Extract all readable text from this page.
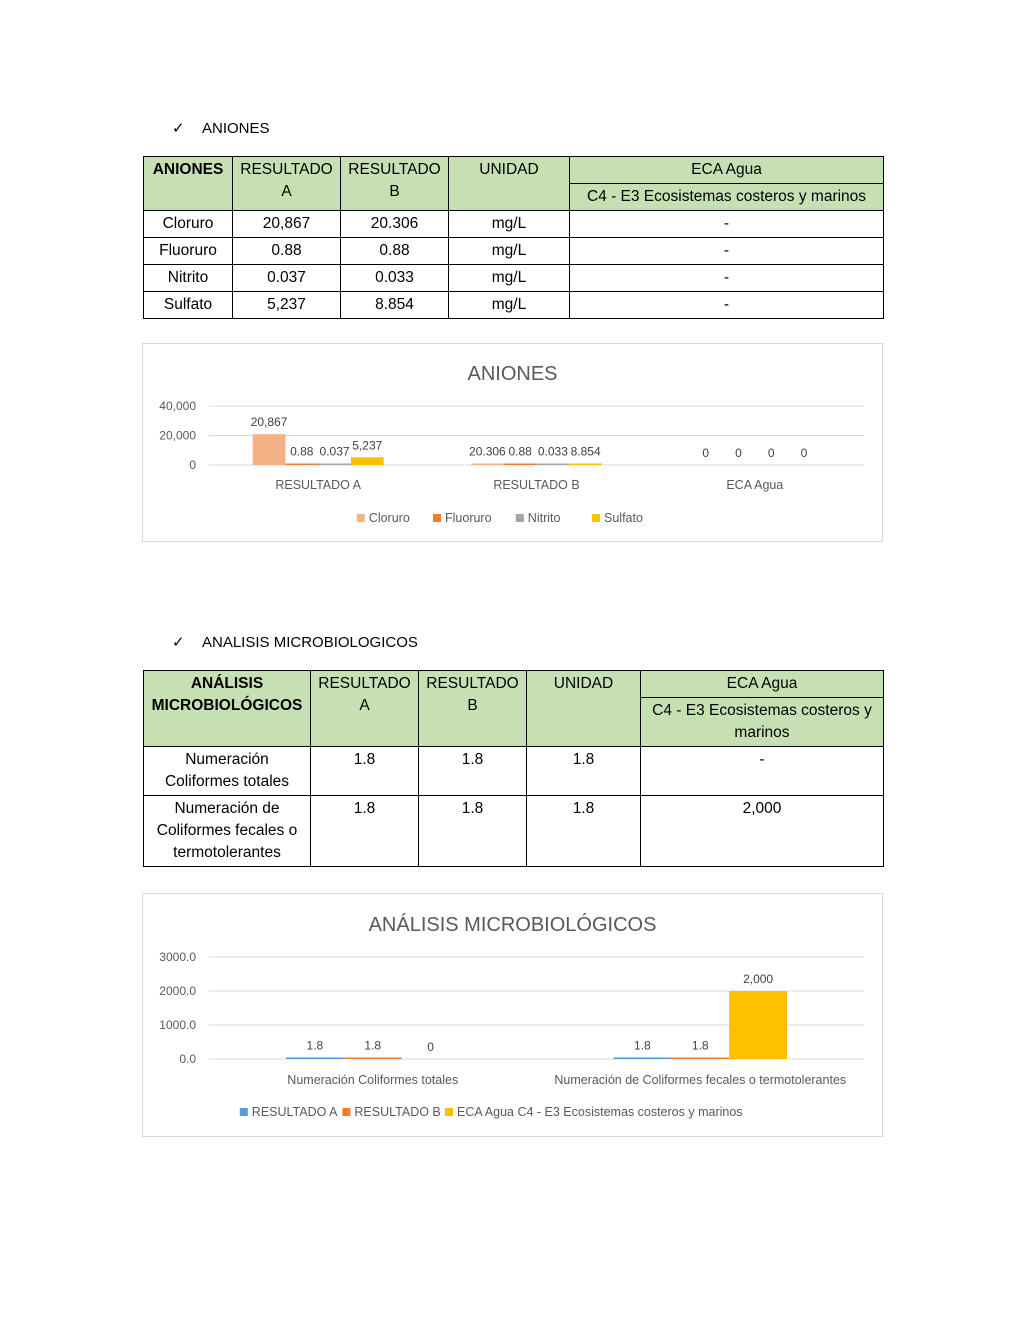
✓	ANIONES
ANIONES	RESULTADO A	RESULTADO B	UNIDAD	ECA Agua
				C4 - E3 Ecosistemas costeros y marinos
Cloruro	20,867	20.306	mg/L	-
Fluoruro	0.88	0.88	mg/L	-
Nitrito	0.037	0.033	mg/L	-
Sulfato	5,237	8.854	mg/L	-
ANIONES
0
20,000
40,000
20,867
0.88 0.037 5,237
RESULTADO A
20.306 0.88 0.033 8.854
RESULTADO B
0 0 0 0
ECA Agua
Cloruro	Fluoruro	Nitrito	Sulfato
✓	ANALISIS MICROBIOLOGICOS
ANÁLISIS MICROBIOLÓGICOS	RESULTADO A	RESULTADO B	UNIDAD	ECA Agua
				C4 - E3 Ecosistemas costeros y marinos
Numeración Coliformes totales	1.8	1.8	1.8	-
Numeración de Coliformes fecales o termotolerantes	1.8	1.8	1.8	2,000
ANÁLISIS MICROBIOLÓGICOS
0.0
1000.0
2000.0
3000.0
1.8	1.8	0
Numeración Coliformes totales
1.8	1.8
2,000
Numeración de Coliformes fecales o termotolerantes
RESULTADO A RESULTADO B ECA Agua C4 - E3 Ecosistemas costeros y marinos
